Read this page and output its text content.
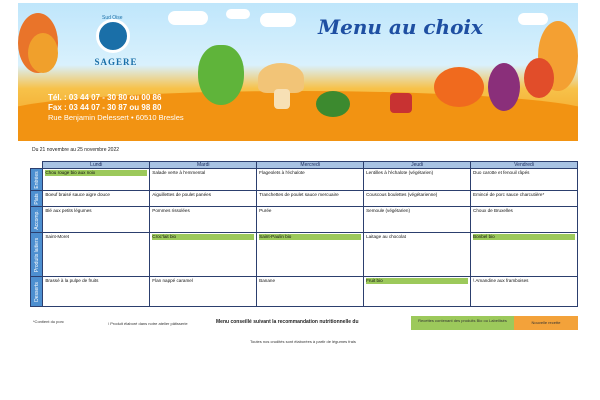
Sud Oise
SAGERE
Menu au choix
Tél. : 03 44 07 - 30 80 ou 00 86
Fax : 03 44 07 - 30 87 ou 98 80
Rue Benjamin Delessert • 60510 Bresles
Du 21 novembre au 25 novembre 2022
	Lundi	Mardi	Mercredi	Jeudi	Vendredi

Entrées	Chou rouge bio aux noix	Salade verte à l'emmental	Flageolets à l'échalote	Lentilles à l'échalote (végétarien)	Duo carotte et fenouil râpés

Plats	Boeuf braisé sauce aigre douce	Aiguillettes de poulet panées	Tranchettes de poulet sauce mercuaire	Couscous boulettes (végétarienne)	Emincé de porc sauce charcutière*

Accomp.	Blé aux petits légumes	Pommes rissolées	Purée	Semoule (végétarien)	Choux de Bruxelles

Produits laitiers	Saint-Moret	Croc'lait bio	Saint-Paulin bio	Laitage au chocolat	Bonbel bio

Desserts	Brassé à la pulpe de fruits	Flan nappé caramel	Banane	Fruit bio	\ Amandine aux framboises
*Contient du porc	\ Produit élaboré dans notre atelier pâtisserie	Menu conseillé suivant la recommandation nutritionnelle du	Recettes contenant des produits Bio ou Labellisés	Nouvelle recette
Toutes nos crudités sont élaborées à partir de légumes frais
